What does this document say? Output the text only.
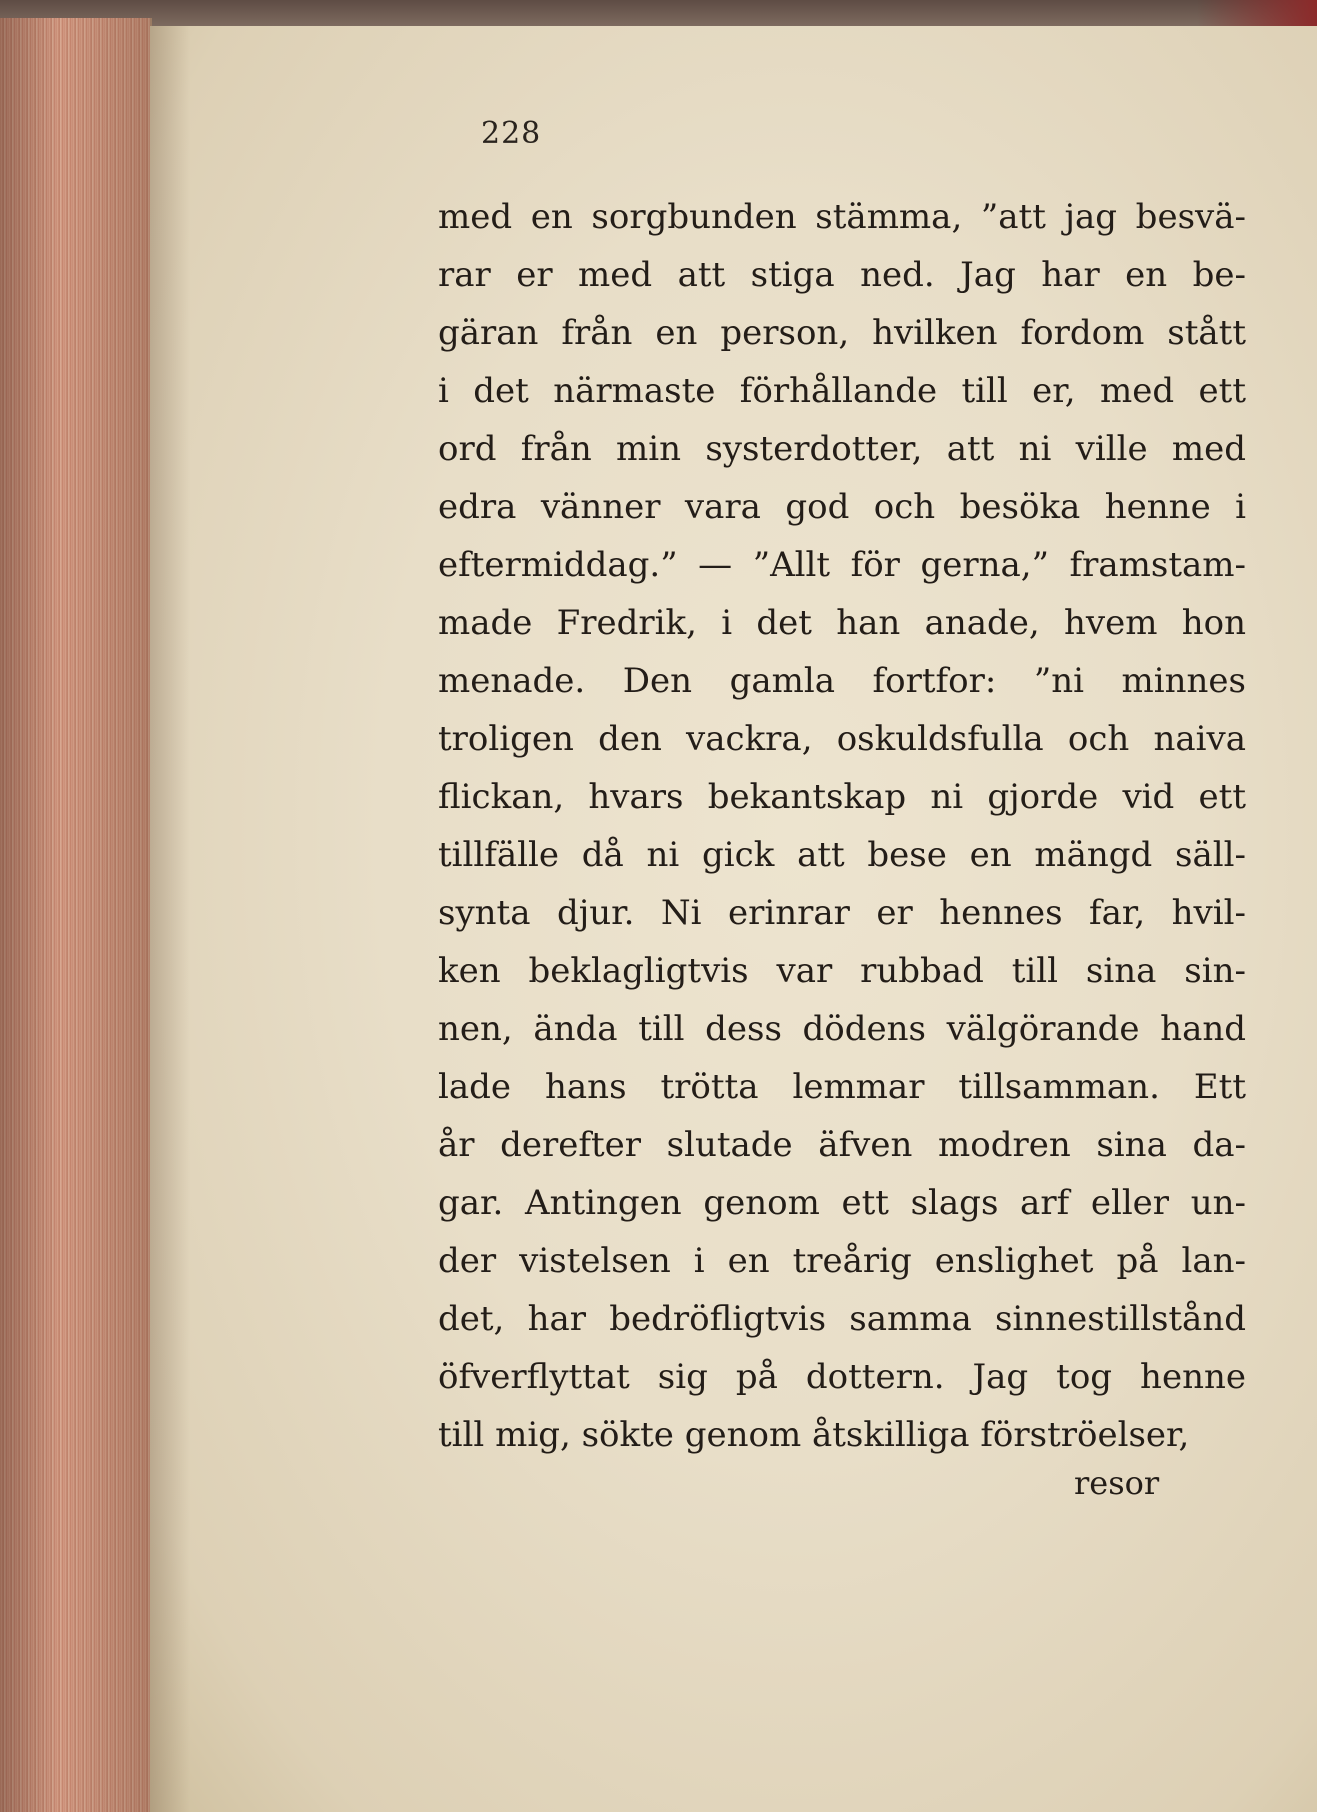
228
med en sorgbunden stämma, ”att jag besvä-
rar er med att stiga ned. Jag har en be-
gäran från en person, hvilken fordom stått
i det närmaste förhållande till er, med ett
ord från min systerdotter, att ni ville med
edra vänner vara god och besöka henne i
eftermiddag.” — ”Allt för gerna,” framstam-
made Fredrik, i det han anade, hvem hon
menade. Den gamla fortfor: ”ni minnes
troligen den vackra, oskuldsfulla och naiva
flickan, hvars bekantskap ni gjorde vid ett
tillfälle då ni gick att bese en mängd säll-
synta djur. Ni erinrar er hennes far, hvil-
ken beklagligtvis var rubbad till sina sin-
nen, ända till dess dödens välgörande hand
lade hans trötta lemmar tillsamman. Ett
år derefter slutade äfven modren sina da-
gar. Antingen genom ett slags arf eller un-
der vistelsen i en treårig enslighet på lan-
det, har bedröfligtvis samma sinnestillstånd
öfverflyttat sig på dottern. Jag tog henne
till mig, sökte genom åtskilliga förströelser,
resor
